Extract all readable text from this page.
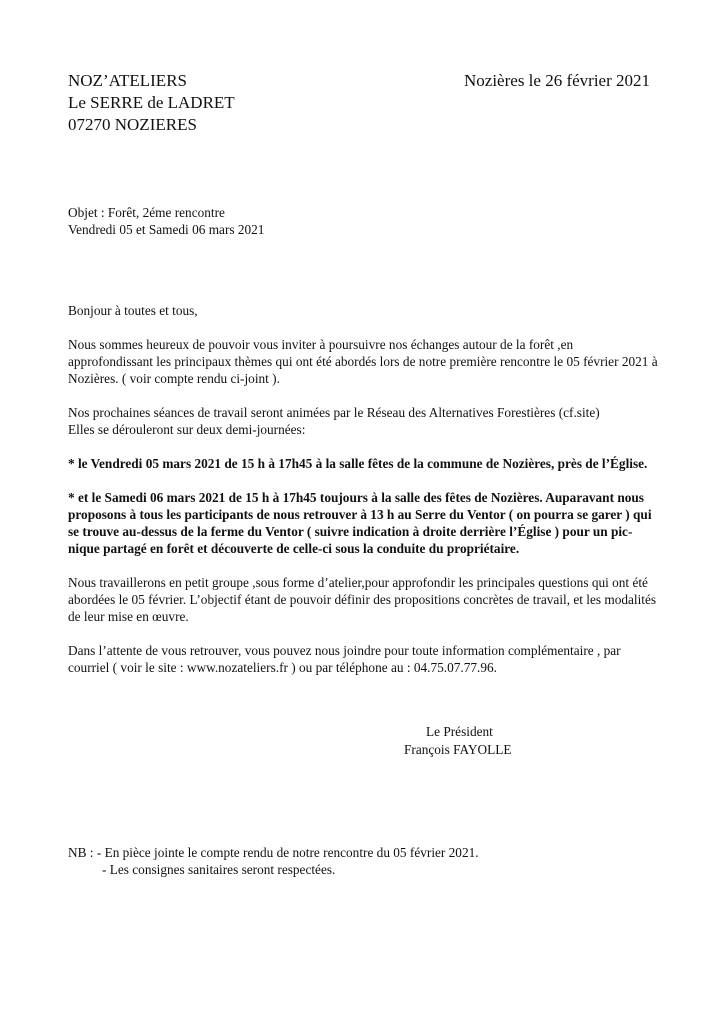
NOZ’ATELIERS
Le SERRE de LADRET
07270 NOZIERES
Nozières le 26 février 2021
Objet : Forêt, 2éme rencontre
Vendredi 05 et Samedi 06 mars 2021

Bonjour à toutes et tous,

Nous sommes heureux de pouvoir vous inviter à poursuivre nos échanges autour de la forêt ,en approfondissant les principaux thèmes qui ont été abordés lors de notre première rencontre le 05 février 2021 à Nozières. ( voir compte rendu ci-joint ).

Nos prochaines séances de travail seront animées par le Réseau des Alternatives Forestières (cf.site)

Elles se dérouleront sur deux demi-journées:

* le Vendredi 05 mars 2021 de 15 h à 17h45 à la salle fêtes de la commune de Nozières, près de l’Église.

* et le Samedi 06 mars 2021 de 15 h à 17h45 toujours à la salle des fêtes de Nozières. Auparavant nous proposons à tous les participants de nous retrouver à 13 h au Serre du Ventor ( on pourra se garer ) qui se trouve au-dessus de la ferme du Ventor ( suivre indication à droite derrière l’Église ) pour un pic-nique partagé en forêt et découverte de celle-ci sous la conduite du propriétaire.

Nous travaillerons en petit groupe ,sous forme d’atelier,pour approfondir les principales questions qui ont été abordées le 05 février. L’objectif étant de pouvoir définir des propositions concrètes de travail, et les modalités de leur mise en œuvre.

Dans l’attente de vous retrouver, vous pouvez nous joindre pour toute information complémentaire , par courriel ( voir le site : www.nozateliers.fr ) ou par téléphone au : 04.75.07.77.96.

Le Président
François FAYOLLE
NB : - En pièce jointe le compte rendu de notre rencontre du 05 février 2021.
- Les consignes sanitaires seront respectées.
